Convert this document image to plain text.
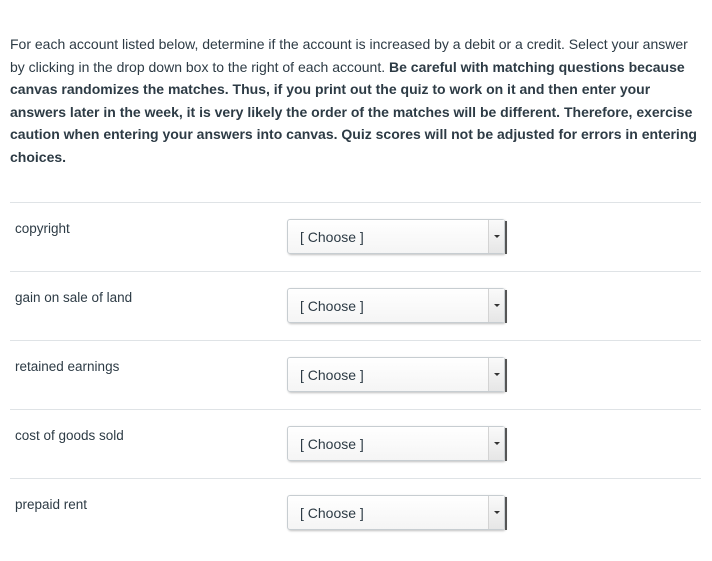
For each account listed below, determine if the account is increased by a debit or a credit. Select your answer by clicking in the drop down box to the right of each account. Be careful with matching questions because canvas randomizes the matches. Thus, if you print out the quiz to work on it and then enter your answers later in the week, it is very likely the order of the matches will be different. Therefore, exercise caution when entering your answers into canvas. Quiz scores will not be adjusted for errors in entering choices.
copyright
[ Choose ]
gain on sale of land
[ Choose ]
retained earnings
[ Choose ]
cost of goods sold
[ Choose ]
prepaid rent
[ Choose ]
